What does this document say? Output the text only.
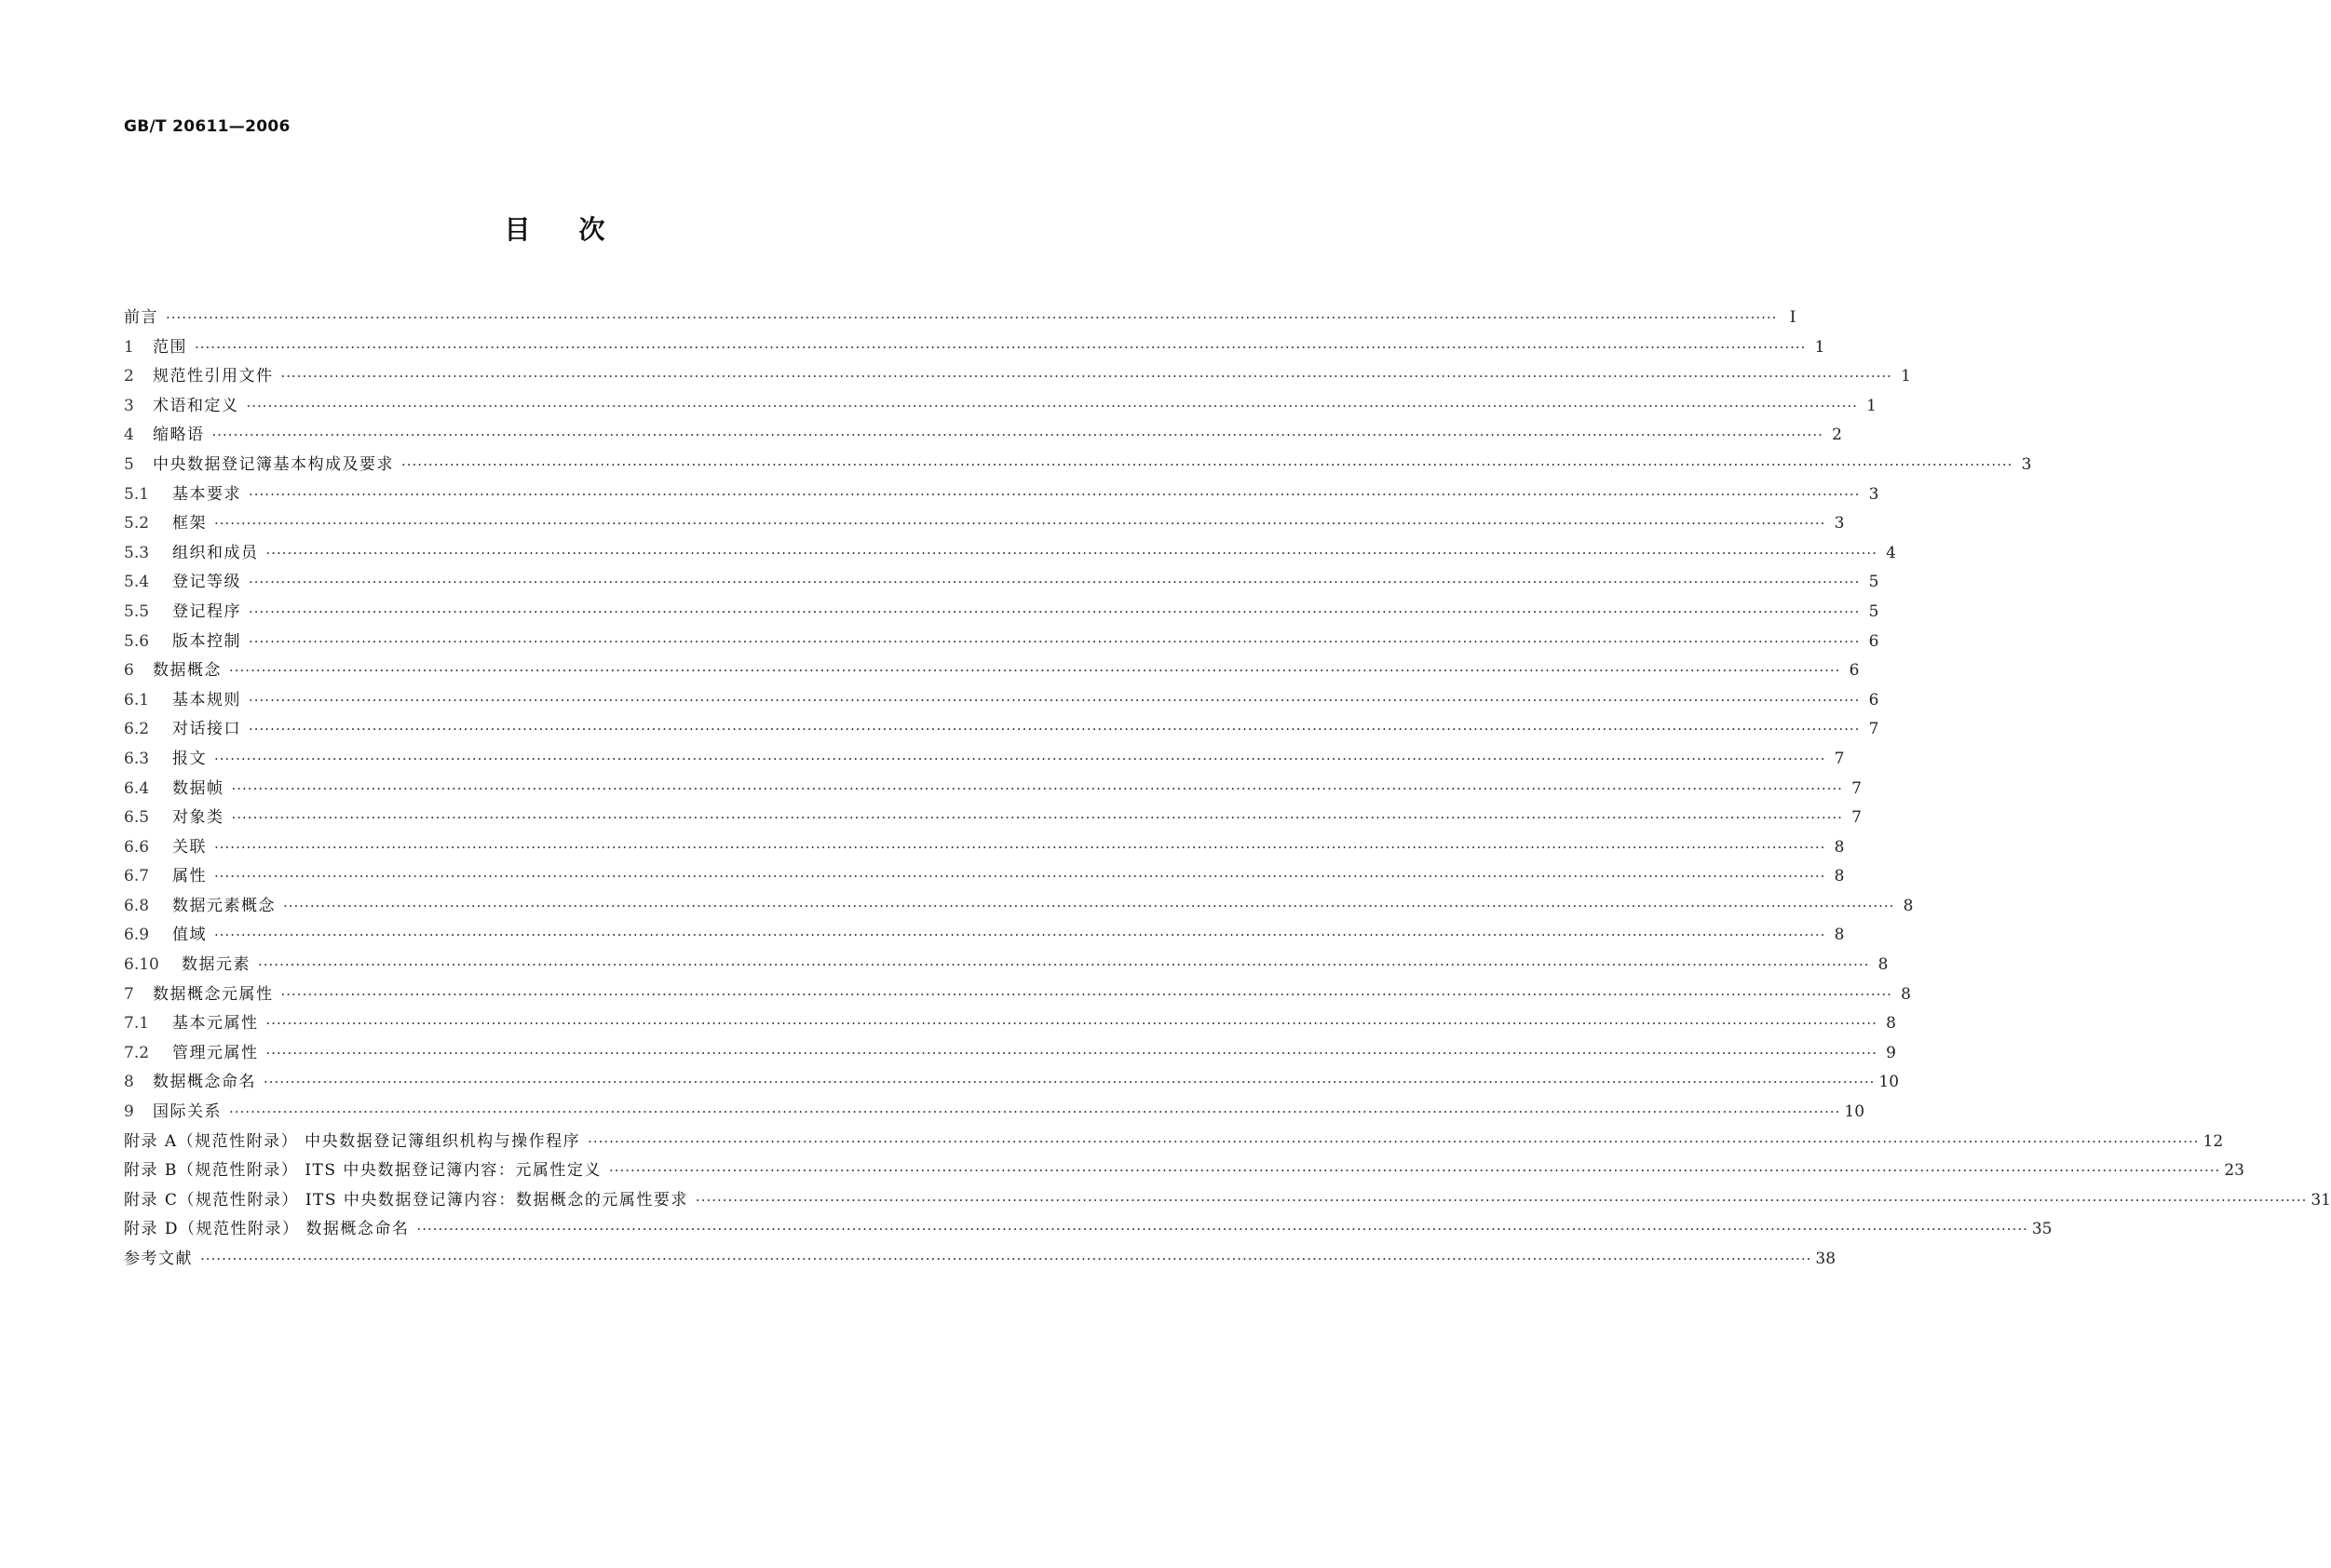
GB/T 20611—2006
目次
前言 ············································································································································································································································································································ Ⅰ
1	范围 ············································································································································································································································································································ 1
2	规范性引用文件 ············································································································································································································································································································ 1
3	术语和定义 ············································································································································································································································································································ 1
4	缩略语 ············································································································································································································································································································ 2
5	中央数据登记簿基本构成及要求 ············································································································································································································································································································ 3
5.1	基本要求 ············································································································································································································································································································ 3
5.2	框架 ············································································································································································································································································································ 3
5.3	组织和成员 ············································································································································································································································································································ 4
5.4	登记等级 ············································································································································································································································································································ 5
5.5	登记程序 ············································································································································································································································································································ 5
5.6	版本控制 ············································································································································································································································································································ 6
6	数据概念 ············································································································································································································································································································ 6
6.1	基本规则 ············································································································································································································································································································ 6
6.2	对话接口 ············································································································································································································································································································ 7
6.3	报文 ············································································································································································································································································································ 7
6.4	数据帧 ············································································································································································································································································································ 7
6.5	对象类 ············································································································································································································································································································ 7
6.6	关联 ············································································································································································································································································································ 8
6.7	属性 ············································································································································································································································································································ 8
6.8	数据元素概念 ············································································································································································································································································································ 8
6.9	值域 ············································································································································································································································································································ 8
6.10	数据元素 ············································································································································································································································································································ 8
7	数据概念元属性 ············································································································································································································································································································ 8
7.1	基本元属性 ············································································································································································································································································································ 8
7.2	管理元属性 ············································································································································································································································································································ 9
8	数据概念命名 ············································································································································································································································································································ 10
9	国际关系 ············································································································································································································································································································ 10
附录 A（规范性附录） 中央数据登记簿组织机构与操作程序 ············································································································································································································································································································ 12
附录 B（规范性附录） ITS 中央数据登记簿内容：元属性定义 ············································································································································································································································································································ 23
附录 C（规范性附录） ITS 中央数据登记簿内容：数据概念的元属性要求 ············································································································································································································································································································ 31
附录 D（规范性附录） 数据概念命名 ············································································································································································································································································································ 35
参考文献 ············································································································································································································································································································ 38
